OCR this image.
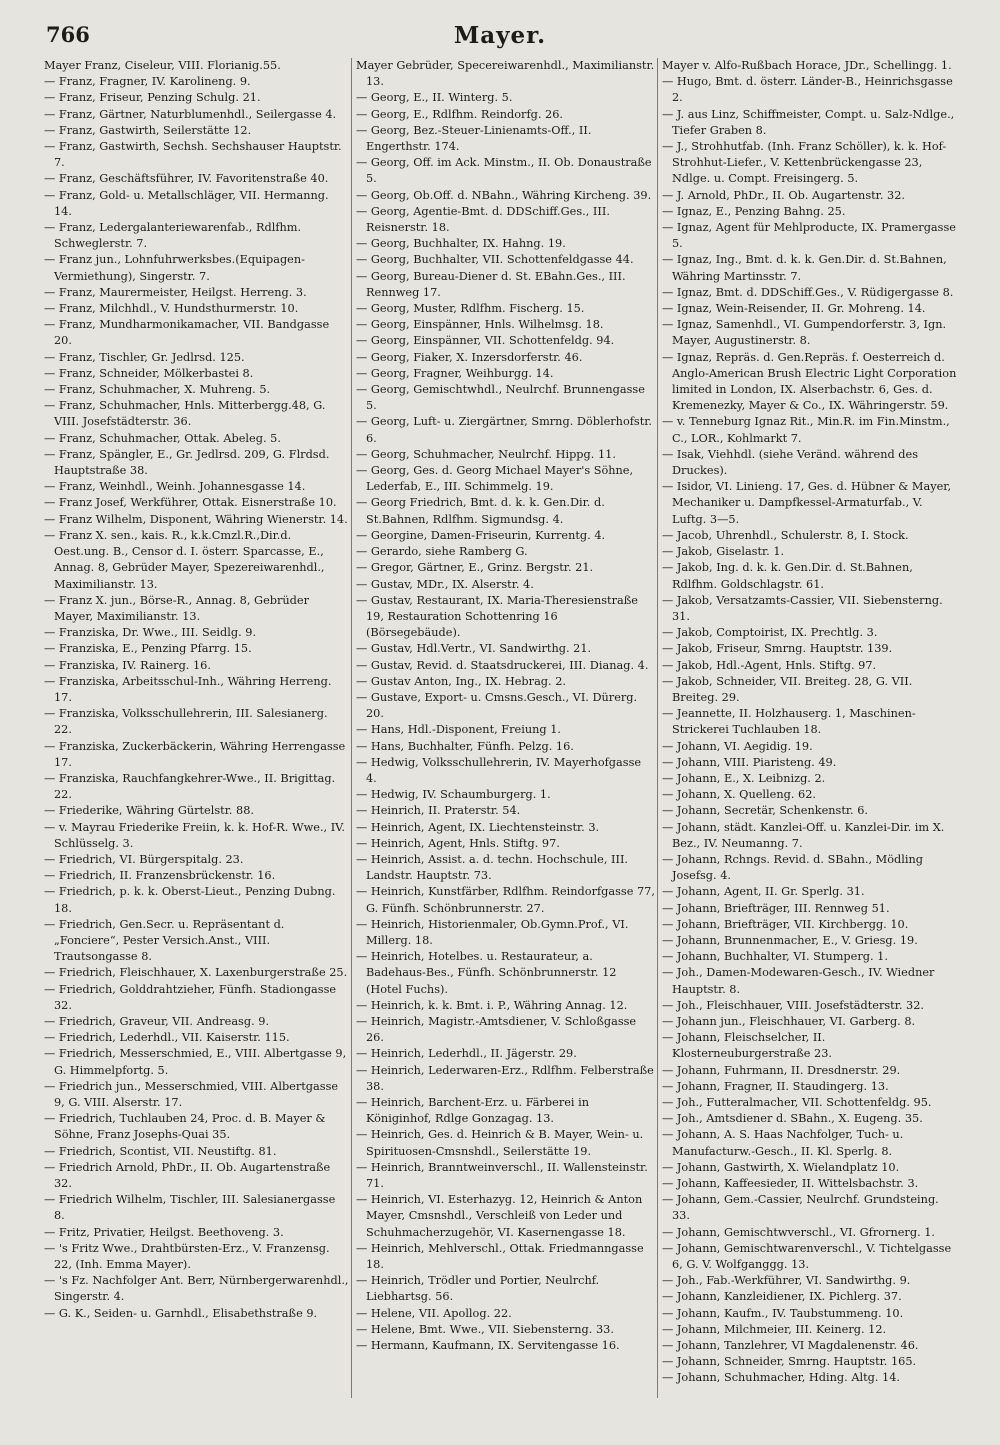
766	Mayer.
Mayer Franz, Ciseleur, VIII. Florianig.55.
— Franz, Fragner, IV. Karolineng. 9.
— Franz, Friseur, Penzing Schulg. 21.
— Franz, Gärtner, Naturblumenhdl., Seilergasse 4.
— Franz, Gastwirth, Seilerstätte 12.
— Franz, Gastwirth, Sechsh. Sechshauser Hauptstr. 7.
— Franz, Geschäftsführer, IV. Favoritenstraße 40.
— Franz, Gold- u. Metallschläger, VII. Hermanng. 14.
— Franz, Ledergalanteriewarenfab., Rdlfhm. Schweglerstr. 7.
— Franz jun., Lohnfuhrwerksbes.(Equipagen-Vermiethung), Singerstr. 7.
— Franz, Maurermeister, Heilgst. Herreng. 3.
— Franz, Milchhdl., V. Hundsthurmerstr. 10.
— Franz, Mundharmonikamacher, VII. Bandgasse 20.
— Franz, Tischler, Gr. Jedlrsd. 125.
— Franz, Schneider, Mölkerbastei 8.
— Franz, Schuhmacher, X. Muhreng. 5.
— Franz, Schuhmacher, Hnls. Mitterbergg.48, G. VIII. Josefstädterstr. 36.
— Franz, Schuhmacher, Ottak. Abeleg. 5.
— Franz, Spängler, E., Gr. Jedlrsd. 209, G. Flrdsd. Hauptstraße 38.
— Franz, Weinhdl., Weinh. Johannesgasse 14.
— Franz Josef, Werkführer, Ottak. Eisnerstraße 10.
— Franz Wilhelm, Disponent, Währing Wienerstr. 14.
— Franz X. sen., kais. R., k.k.Cmzl.R.,Dir.d. Oest.ung. B., Censor d. I. österr. Sparcasse, E., Annag. 8, Gebrüder Mayer, Spezereiwarenhdl., Maximilianstr. 13.
— Franz X. jun., Börse-R., Annag. 8, Gebrüder Mayer, Maximilianstr. 13.
— Franziska, Dr. Wwe., III. Seidlg. 9.
— Franziska, E., Penzing Pfarrg. 15.
— Franziska, IV. Rainerg. 16.
— Franziska, Arbeitsschul-Inh., Währing Herreng. 17.
— Franziska, Volksschullehrerin, III. Salesianerg. 22.
— Franziska, Zuckerbäckerin, Währing Herrengasse 17.
— Franziska, Rauchfangkehrer-Wwe., II. Brigittag. 22.
— Friederike, Währing Gürtelstr. 88.
— v. Mayrau Friederike Freiin, k. k. Hof-R. Wwe., IV. Schlüsselg. 3.
— Friedrich, VI. Bürgerspitalg. 23.
— Friedrich, II. Franzensbrückenstr. 16.
— Friedrich, p. k. k. Oberst-Lieut., Penzing Dubng. 18.
— Friedrich, Gen.Secr. u. Repräsentant d. „Fonciere“, Pester Versich.Anst., VIII. Trautsongasse 8.
— Friedrich, Fleischhauer, X. Laxenburgerstraße 25.
— Friedrich, Golddrahtzieher, Fünfh. Stadiongasse 32.
— Friedrich, Graveur, VII. Andreasg. 9.
— Friedrich, Lederhdl., VII. Kaiserstr. 115.
— Friedrich, Messerschmied, E., VIII. Albertgasse 9, G. Himmelpfortg. 5.
— Friedrich jun., Messerschmied, VIII. Albertgasse 9, G. VIII. Alserstr. 17.
— Friedrich, Tuchlauben 24, Proc. d. B. Mayer & Söhne, Franz Josephs-Quai 35.
— Friedrich, Scontist, VII. Neustiftg. 81.
— Friedrich Arnold, PhDr., II. Ob. Augartenstraße 32.
— Friedrich Wilhelm, Tischler, III. Salesianergasse 8.
— Fritz, Privatier, Heilgst. Beethoveng. 3.
— 's Fritz Wwe., Drahtbürsten-Erz., V. Franzensg. 22, (Inh. Emma Mayer).
— 's Fz. Nachfolger Ant. Berr, Nürnbergerwarenhdl., Singerstr. 4.
— G. K., Seiden- u. Garnhdl., Elisabethstraße 9.
Mayer Gebrüder, Specereiwarenhdl., Maximilianstr. 13.
— Georg, E., II. Winterg. 5.
— Georg, E., Rdlfhm. Reindorfg. 26.
— Georg, Bez.-Steuer-Linienamts-Off., II. Engerthstr. 174.
— Georg, Off. im Ack. Minstm., II. Ob. Donaustraße 5.
— Georg, Ob.Off. d. NBahn., Währing Kircheng. 39.
— Georg, Agentie-Bmt. d. DDSchiff.Ges., III. Reisnerstr. 18.
— Georg, Buchhalter, IX. Hahng. 19.
— Georg, Buchhalter, VII. Schottenfeldgasse 44.
— Georg, Bureau-Diener d. St. EBahn.Ges., III. Rennweg 17.
— Georg, Muster, Rdlfhm. Fischerg. 15.
— Georg, Einspänner, Hnls. Wilhelmsg. 18.
— Georg, Einspänner, VII. Schottenfeldg. 94.
— Georg, Fiaker, X. Inzersdorferstr. 46.
— Georg, Fragner, Weihburgg. 14.
— Georg, Gemischtwhdl., Neulrchf. Brunnengasse 5.
— Georg, Luft- u. Ziergärtner, Smrng. Döblerhofstr. 6.
— Georg, Schuhmacher, Neulrchf. Hippg. 11.
— Georg, Ges. d. Georg Michael Mayer's Söhne, Lederfab, E., III. Schimmelg. 19.
— Georg Friedrich, Bmt. d. k. k. Gen.Dir. d. St.Bahnen, Rdlfhm. Sigmundsg. 4.
— Georgine, Damen-Friseurin, Kurrentg. 4.
— Gerardo, siehe Ramberg G.
— Gregor, Gärtner, E., Grinz. Bergstr. 21.
— Gustav, MDr., IX. Alserstr. 4.
— Gustav, Restaurant, IX. Maria-Theresienstraße 19, Restauration Schottenring 16 (Börsegebäude).
— Gustav, Hdl.Vertr., VI. Sandwirthg. 21.
— Gustav, Revid. d. Staatsdruckerei, III. Dianag. 4.
— Gustav Anton, Ing., IX. Hebrag. 2.
— Gustave, Export- u. Cmsns.Gesch., VI. Dürerg. 20.
— Hans, Hdl.-Disponent, Freiung 1.
— Hans, Buchhalter, Fünfh. Pelzg. 16.
— Hedwig, Volksschullehrerin, IV. Mayerhofgasse 4.
— Hedwig, IV. Schaumburgerg. 1.
— Heinrich, II. Praterstr. 54.
— Heinrich, Agent, IX. Liechtensteinstr. 3.
— Heinrich, Agent, Hnls. Stiftg. 97.
— Heinrich, Assist. a. d. techn. Hochschule, III. Landstr. Hauptstr. 73.
— Heinrich, Kunstfärber, Rdlfhm. Reindorfgasse 77, G. Fünfh. Schönbrunnerstr. 27.
— Heinrich, Historienmaler, Ob.Gymn.Prof., VI. Millerg. 18.
— Heinrich, Hotelbes. u. Restaurateur, a. Badehaus-Bes., Fünfh. Schönbrunnerstr. 12 (Hotel Fuchs).
— Heinrich, k. k. Bmt. i. P., Währing Annag. 12.
— Heinrich, Magistr.-Amtsdiener, V. Schloßgasse 26.
— Heinrich, Lederhdl., II. Jägerstr. 29.
— Heinrich, Lederwaren-Erz., Rdlfhm. Felberstraße 38.
— Heinrich, Barchent-Erz. u. Färberei in Königinhof, Rdlge Gonzagag. 13.
— Heinrich, Ges. d. Heinrich & B. Mayer, Wein- u. Spirituosen-Cmsnshdl., Seilerstätte 19.
— Heinrich, Branntweinverschl., II. Wallensteinstr. 71.
— Heinrich, VI. Esterhazyg. 12, Heinrich & Anton Mayer, Cmsnshdl., Verschleiß von Leder und Schuhmacherzugehör, VI. Kasernengasse 18.
— Heinrich, Mehlverschl., Ottak. Friedmanngasse 18.
— Heinrich, Trödler und Portier, Neulrchf. Liebhartsg. 56.
— Helene, VII. Apollog. 22.
— Helene, Bmt. Wwe., VII. Siebensterng. 33.
— Hermann, Kaufmann, IX. Servitengasse 16.
Mayer v. Alfo-Rußbach Horace, JDr., Schellingg. 1.
— Hugo, Bmt. d. österr. Länder-B., Heinrichsgasse 2.
— J. aus Linz, Schiffmeister, Compt. u. Salz-Ndlge., Tiefer Graben 8.
— J., Strohhutfab. (Inh. Franz Schöller), k. k. Hof-Strohhut-Liefer., V. Kettenbrückengasse 23, Ndlge. u. Compt. Freisingerg. 5.
— J. Arnold, PhDr., II. Ob. Augartenstr. 32.
— Ignaz, E., Penzing Bahng. 25.
— Ignaz, Agent für Mehlproducte, IX. Pramergasse 5.
— Ignaz, Ing., Bmt. d. k. k. Gen.Dir. d. St.Bahnen, Währing Martinsstr. 7.
— Ignaz, Bmt. d. DDSchiff.Ges., V. Rüdigergasse 8.
— Ignaz, Wein-Reisender, II. Gr. Mohreng. 14.
— Ignaz, Samenhdl., VI. Gumpendorferstr. 3, Ign. Mayer, Augustinerstr. 8.
— Ignaz, Repräs. d. Gen.Repräs. f. Oesterreich d. Anglo-American Brush Electric Light Corporation limited in London, IX. Alserbachstr. 6, Ges. d. Kremenezky, Mayer & Co., IX. Währingerstr. 59.
— v. Tenneburg Ignaz Rit., Min.R. im Fin.Minstm., C., LOR., Kohlmarkt 7.
— Isak, Viehhdl. (siehe Veränd. während des Druckes).
— Isidor, VI. Linieng. 17, Ges. d. Hübner & Mayer, Mechaniker u. Dampfkessel-Armaturfab., V. Luftg. 3—5.
— Jacob, Uhrenhdl., Schulerstr. 8, I. Stock.
— Jakob, Giselastr. 1.
— Jakob, Ing. d. k. k. Gen.Dir. d. St.Bahnen, Rdlfhm. Goldschlagstr. 61.
— Jakob, Versatzamts-Cassier, VII. Siebensterng. 31.
— Jakob, Comptoirist, IX. Prechtlg. 3.
— Jakob, Friseur, Smrng. Hauptstr. 139.
— Jakob, Hdl.-Agent, Hnls. Stiftg. 97.
— Jakob, Schneider, VII. Breiteg. 28, G. VII. Breiteg. 29.
— Jeannette, II. Holzhauserg. 1, Maschinen-Strickerei Tuchlauben 18.
— Johann, VI. Aegidig. 19.
— Johann, VIII. Piaristeng. 49.
— Johann, E., X. Leibnizg. 2.
— Johann, X. Quelleng. 62.
— Johann, Secretär, Schenkenstr. 6.
— Johann, städt. Kanzlei-Off. u. Kanzlei-Dir. im X. Bez., IV. Neumanng. 7.
— Johann, Rchngs. Revid. d. SBahn., Mödling Josefsg. 4.
— Johann, Agent, II. Gr. Sperlg. 31.
— Johann, Briefträger, III. Rennweg 51.
— Johann, Briefträger, VII. Kirchbergg. 10.
— Johann, Brunnenmacher, E., V. Griesg. 19.
— Johann, Buchhalter, VI. Stumperg. 1.
— Joh., Damen-Modewaren-Gesch., IV. Wiedner Hauptstr. 8.
— Joh., Fleischhauer, VIII. Josefstädterstr. 32.
— Johann jun., Fleischhauer, VI. Garberg. 8.
— Johann, Fleischselcher, II. Klosterneuburgerstraße 23.
— Johann, Fuhrmann, II. Dresdnerstr. 29.
— Johann, Fragner, II. Staudingerg. 13.
— Joh., Futteralmacher, VII. Schottenfeldg. 95.
— Joh., Amtsdiener d. SBahn., X. Eugeng. 35.
— Johann, A. S. Haas Nachfolger, Tuch- u. Manufacturw.-Gesch., II. Kl. Sperlg. 8.
— Johann, Gastwirth, X. Wielandplatz 10.
— Johann, Kaffeesieder, II. Wittelsbachstr. 3.
— Johann, Gem.-Cassier, Neulrchf. Grundsteing. 33.
— Johann, Gemischtwverschl., VI. Gfrornerg. 1.
— Johann, Gemischtwarenverschl., V. Tichtelgasse 6, G. V. Wolfganggg. 13.
— Joh., Fab.-Werkführer, VI. Sandwirthg. 9.
— Johann, Kanzleidiener, IX. Pichlerg. 37.
— Johann, Kaufm., IV. Taubstummeng. 10.
— Johann, Milchmeier, III. Keinerg. 12.
— Johann, Tanzlehrer, VI Magdalenenstr. 46.
— Johann, Schneider, Smrng. Hauptstr. 165.
— Johann, Schuhmacher, Hding. Altg. 14.
